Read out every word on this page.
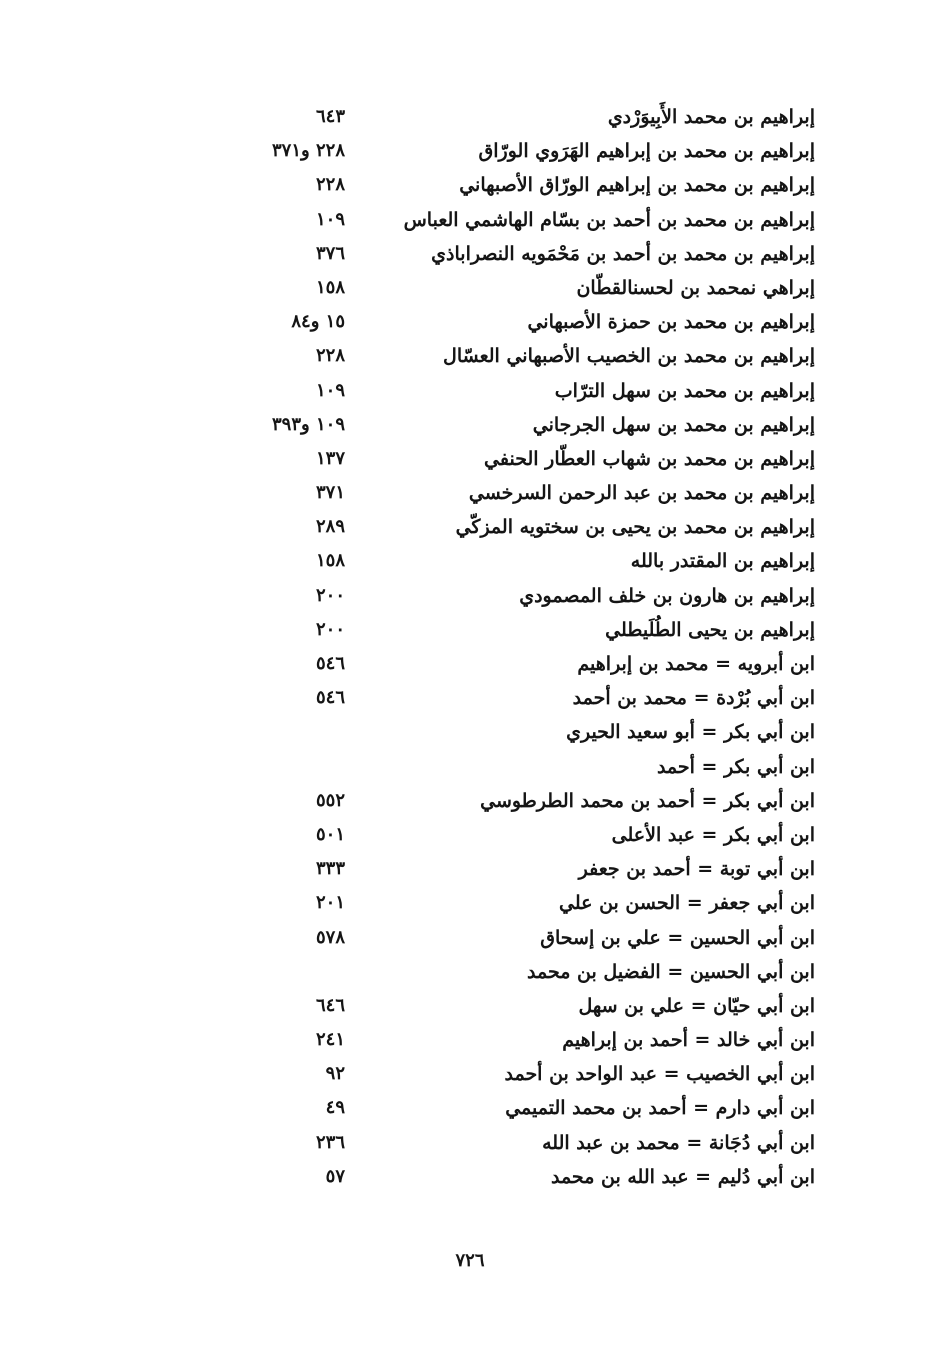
٦٤٣	إبراهيم بن محمد الأَبِيوَرْدي
٢٢٨ و٣٧١	إبراهيم بن محمد بن إبراهيم الهَرَوي الورّاق
٢٢٨	إبراهيم بن محمد بن إبراهيم الورّاق الأصبهاني
١٠٩	إبراهيم بن محمد بن أحمد بن بسّام الهاشمي العباس
٣٧٦	إبراهيم بن محمد بن أحمد بن مَحْمَويه النصراباذي
١٥٨	إبراهي نمحمد بن لحسنالقطّان
١٥ و٨٤	إبراهيم بن محمد بن حمزة الأصبهاني
٢٢٨	إبراهيم بن محمد بن الخصيب الأصبهاني العسّال
١٠٩	إبراهيم بن محمد بن سهل الترّاب
١٠٩ و٣٩٣	إبراهيم بن محمد بن سهل الجرجاني
١٣٧	إبراهيم بن محمد بن شهاب العطّار الحنفي
٣٧١	إبراهيم بن محمد بن عبد الرحمن السرخسي
٢٨٩	إبراهيم بن محمد بن يحيى بن سختويه المزكّي
١٥٨	إبراهيم بن المقتدر بالله
٢٠٠	إبراهيم بن هارون بن خلف المصمودي
٢٠٠	إبراهيم بن يحيى الطُلَيطلي
٥٤٦	ابن أبرويه = محمد بن إبراهيم
٥٤٦	ابن أبي بُرْدة = محمد بن أحمد
ابن أبي بكر = أبو سعيد الحيري
ابن أبي بكر = أحمد
٥٥٢	ابن أبي بكر = أحمد بن محمد الطرطوسي
٥٠١	ابن أبي بكر = عبد الأعلى
٣٣٣	ابن أبي توبة = أحمد بن جعفر
٢٠١	ابن أبي جعفر = الحسن بن علي
٥٧٨	ابن أبي الحسين = علي بن إسحاق
ابن أبي الحسين = الفضيل بن محمد
٦٤٦	ابن أبي حيّان = علي بن سهل
٢٤١	ابن أبي خالد = أحمد بن إبراهيم
٩٢	ابن أبي الخصيب = عبد الواحد بن أحمد
٤٩	ابن أبي دارم = أحمد بن محمد التميمي
٢٣٦	ابن أبي دُجَانة = محمد بن عبد الله
٥٧	ابن أبي دُليم = عبد الله بن محمد
٧٢٦
